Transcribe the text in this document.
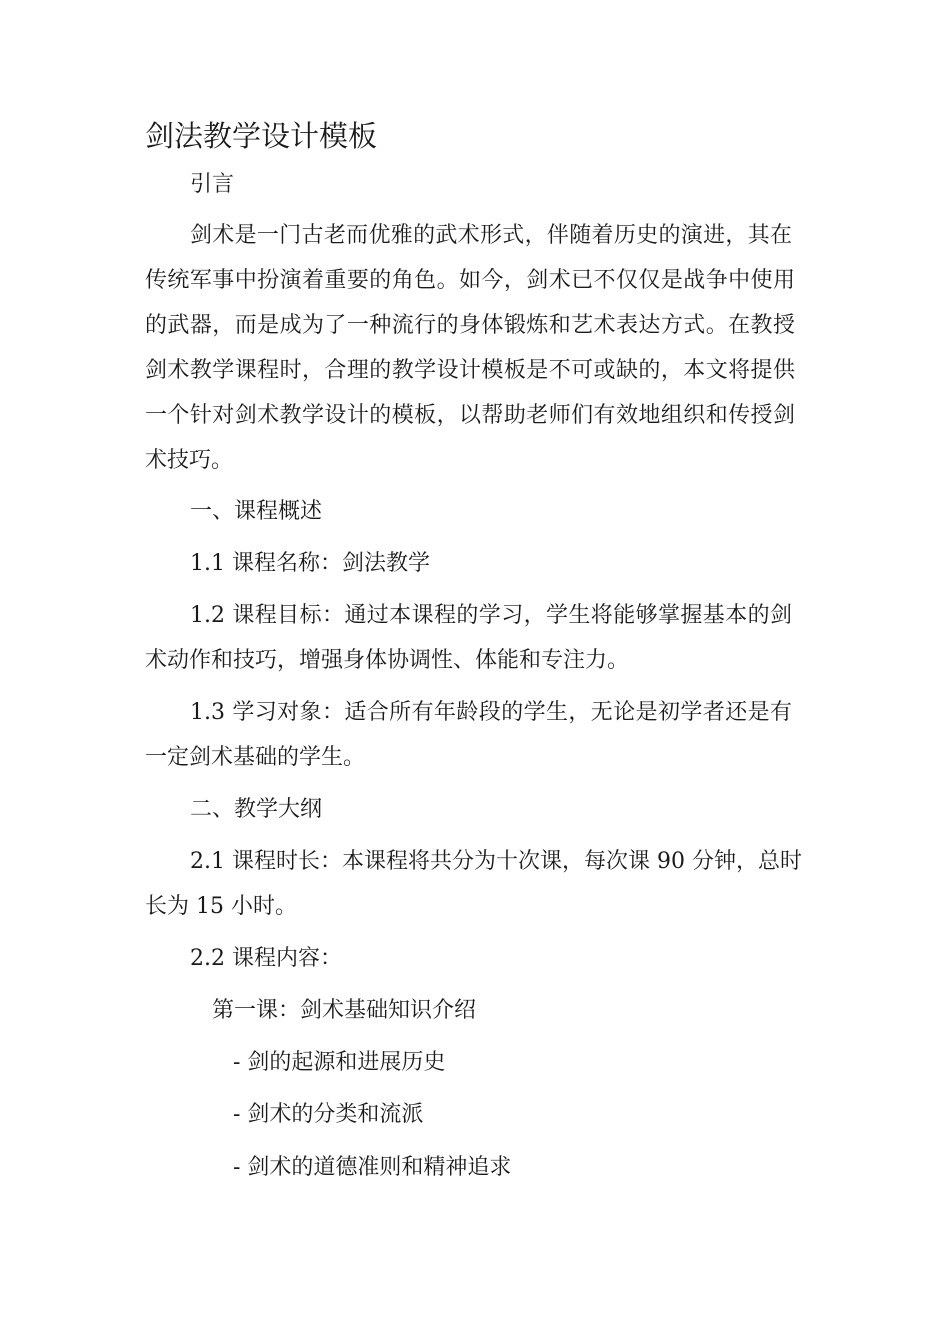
剑法教学设计模板

引言

剑术是一门古老而优雅的武术形式，伴随着历史的演进，其在

传统军事中扮演着重要的角色。如今，剑术已不仅仅是战争中使用

的武器，而是成为了一种流行的身体锻炼和艺术表达方式。在教授

剑术教学课程时，合理的教学设计模板是不可或缺的，本文将提供

一个针对剑术教学设计的模板，以帮助老师们有效地组织和传授剑

术技巧。

一、课程概述

1.1 课程名称：剑法教学

1.2 课程目标：通过本课程的学习，学生将能够掌握基本的剑

术动作和技巧，增强身体协调性、体能和专注力。

1.3 学习对象：适合所有年龄段的学生，无论是初学者还是有

一定剑术基础的学生。

二、教学大纲

2.1 课程时长：本课程将共分为十次课，每次课 90 分钟，总时

长为 15 小时。

2.2 课程内容：

第一课：剑术基础知识介绍

- 剑的起源和进展历史

- 剑术的分类和流派

- 剑术的道德准则和精神追求
